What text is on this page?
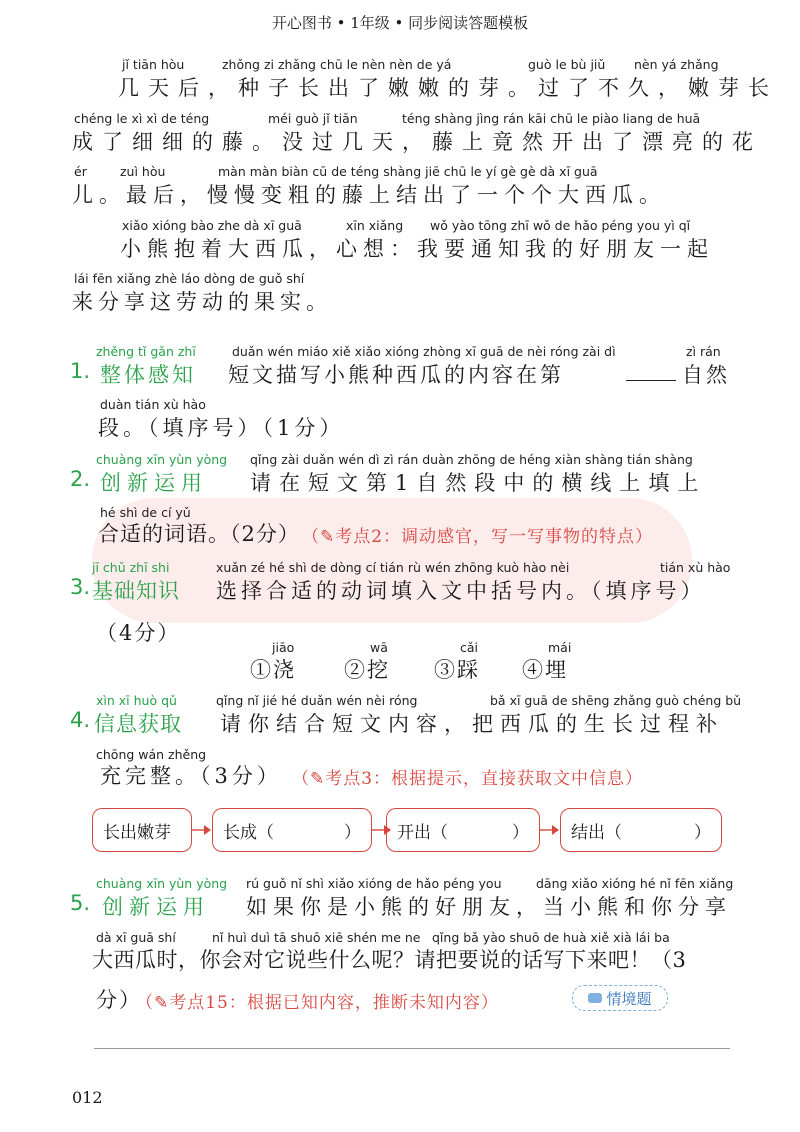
开心图书 • 1年级 • 同步阅读答题模板
jǐ tiān hòu	zhǒng zi zhǎng chū le nèn nèn de yá	guò le bù jiǔ nèn yá zhǎng
几天后，种子长出了嫩嫩的芽。过了不久，嫩芽长
chéng le xì xì de téng	méi guò jǐ tiān	téng shàng jìng rán kāi chū le piào liang de huā
成了细细的藤。没过几天，藤上竟然开出了漂亮的花
ér	zuì hòu	màn màn biàn cū de téng shàng jiē chū le yí gè gè dà xī guā
儿。最后，慢慢变粗的藤上结出了一个个大西瓜。
xiǎo xióng bào zhe dà xī guā	xīn xiǎng wǒ yào tōng zhī wǒ de hǎo péng you yì qǐ
小熊抱着大西瓜，心想：我要通知我的好朋友一起
lái fēn xiǎng zhè láo dòng de guǒ shí
来分享这劳动的果实。
zhěng tǐ gǎn zhī	duǎn wén miáo xiě xiǎo xióng zhòng xī guā de nèi róng zài dì	zì rán
1. 整体感知 短文描写小熊种西瓜的内容在第	自然
duàn tián xù hào
段。（填序号）（1分）
chuàng xīn yùn yòng qǐng zài duǎn wén dì zì rán duàn zhōng de héng xiàn shàng tián shàng
2. 创新运用 请在短文第1自然段中的横线上填上
hé shì de cí yǔ
合适的词语。（2分） （✎考点2：调动感官，写一写事物的特点）
jī chǔ zhī shi	xuǎn zé hé shì de dòng cí tián rù wén zhōng kuò hào nèi	tián xù hào
3. 基础知识 选择合适的动词填入文中括号内。（填序号）
（4分）
jiāo	wā	cǎi	mái
①浇 ②挖 ③踩 ④埋
xìn xī huò qǔ	qǐng nǐ jié hé duǎn wén nèi róng	bǎ xī guā de shēng zhǎng guò chéng bǔ
4. 信息获取 请你结合短文内容，把西瓜的生长过程补
chōng wán zhěng
充完整。（3分） （✎考点3：根据提示，直接获取文中信息）
长出嫩芽	长成（	） 开出（	） 结出（	）
chuàng xīn yùn yòng rú guǒ nǐ shì xiǎo xióng de hǎo péng you	dāng xiǎo xióng hé nǐ fēn xiǎng
5. 创新运用 如果你是小熊的好朋友，当小熊和你分享
dà xī guā shí	nǐ huì duì tā shuō xiē shén me ne qǐng bǎ yào shuō de huà xiě xià lái ba
大西瓜时，你会对它说些什么呢？请把要说的话写下来吧！（3
分）
（✎考点15：根据已知内容，推断未知内容）	情境题
012
